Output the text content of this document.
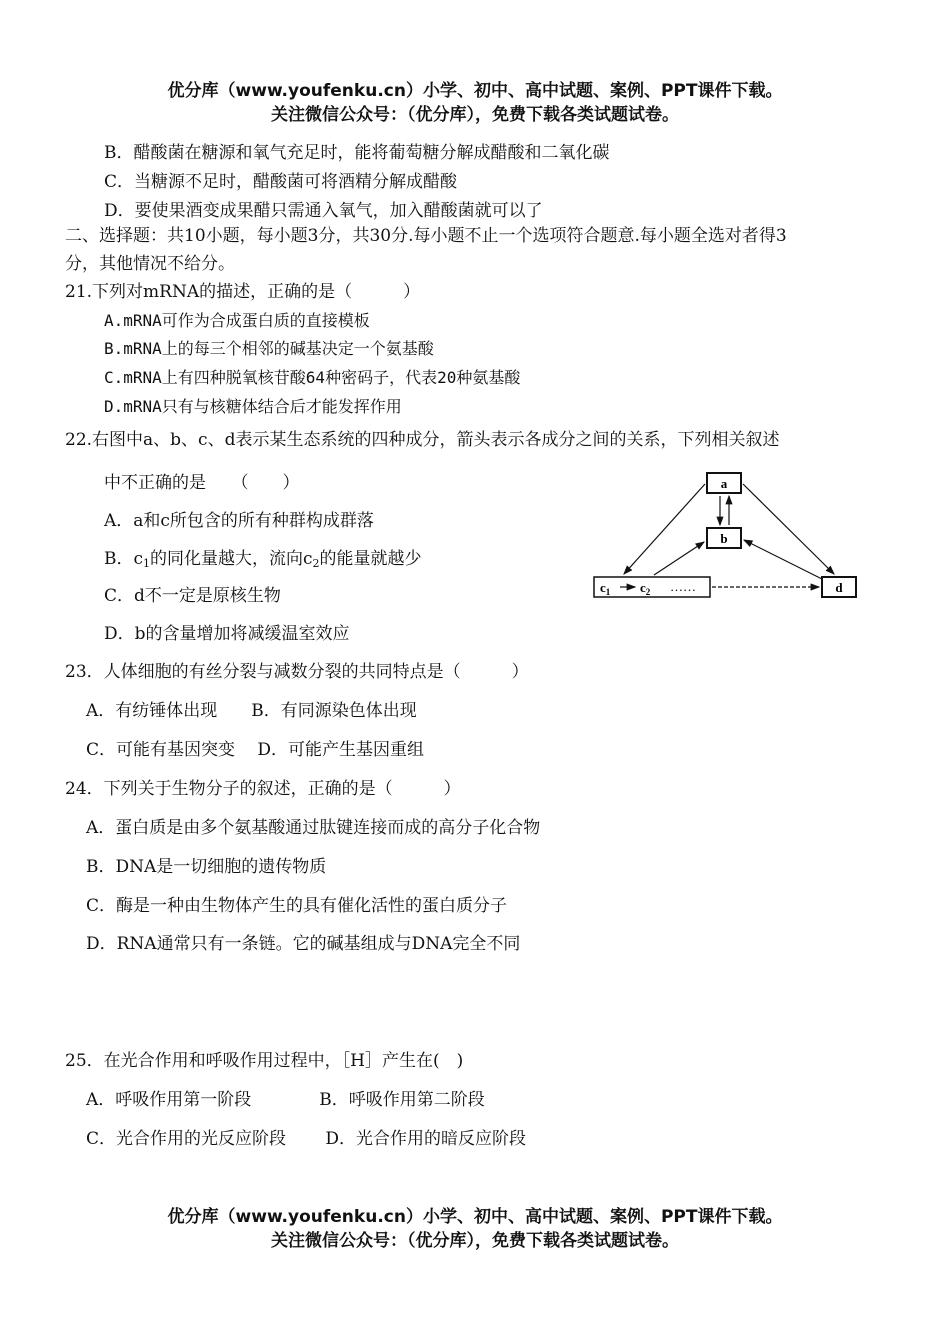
优分库（www.youfenku.cn）小学、初中、高中试题、案例、PPT课件下载。
关注微信公众号：（优分库），免费下载各类试题试卷。
B．醋酸菌在糖源和氧气充足时，能将葡萄糖分解成醋酸和二氧化碳
C．当糖源不足时，醋酸菌可将酒精分解成醋酸
D．要使果酒变成果醋只需通入氧气，加入醋酸菌就可以了
二、选择题：共10小题，每小题3分，共30分.每小题不止一个选项符合题意.每小题全选对者得3
分，其他情况不给分。
21.下列对mRNA的描述，正确的是（　　　）
A.mRNA可作为合成蛋白质的直接模板
B.mRNA上的每三个相邻的碱基决定一个氨基酸
C.mRNA上有四种脱氧核苷酸64种密码子，代表20种氨基酸
D.mRNA只有与核糖体结合后才能发挥作用
22.右图中a、b、c、d表示某生态系统的四种成分，箭头表示各成分之间的关系，下列相关叙述
中不正确的是　　（　　）
A．a和c所包含的所有种群构成群落
B．$c_1$的同化量越大，流向$c_2$的能量就越少
C．d不一定是原核生物
D．b的含量增加将减缓温室效应
a
b
$c_1$ $c_2$ ……	d
23．人体细胞的有丝分裂与减数分裂的共同特点是（　　　）
A．有纺锤体出现　　B．有同源染色体出现
C．可能有基因突变　 D．可能产生基因重组
24．下列关于生物分子的叙述，正确的是（　　　）
A．蛋白质是由多个氨基酸通过肽键连接而成的高分子化合物
B．DNA是一切细胞的遗传物质
C．酶是一种由生物体产生的具有催化活性的蛋白质分子
D．RNA通常只有一条链。它的碱基组成与DNA完全不同
25．在光合作用和呼吸作用过程中，［H］产生在(　)
A．呼吸作用第一阶段　　　　B．呼吸作用第二阶段
C．光合作用的光反应阶段　　 D．光合作用的暗反应阶段
优分库（www.youfenku.cn）小学、初中、高中试题、案例、PPT课件下载。
关注微信公众号：（优分库），免费下载各类试题试卷。
